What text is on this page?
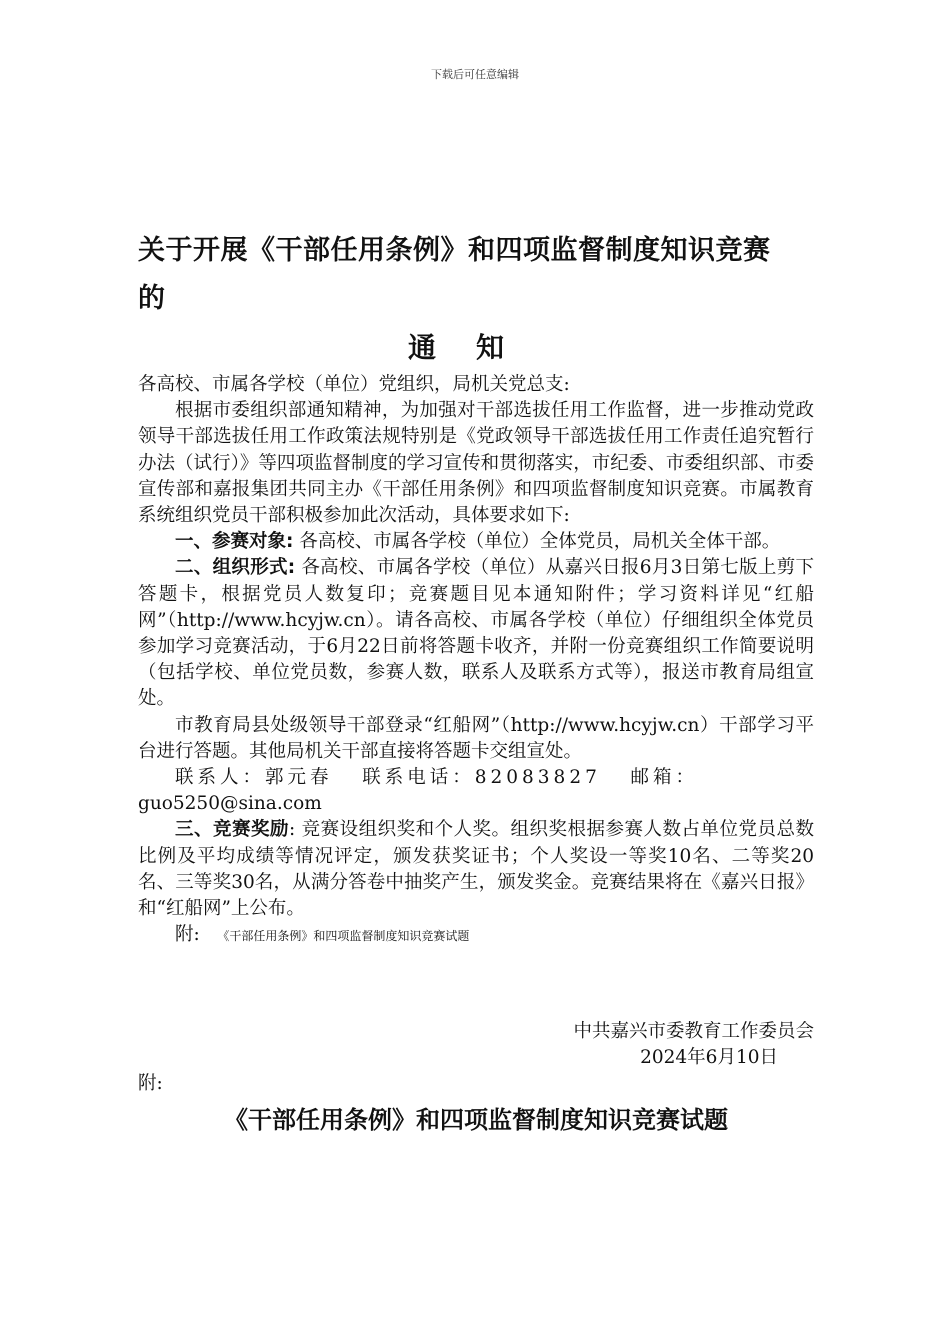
下载后可任意编辑
关于开展《干部任用条例》和四项监督制度知识竞赛
的
通知

各高校、市属各学校（单位）党组织，局机关党总支:

根据市委组织部通知精神，为加强对干部选拔任用工作监督，进一步推动党政领导干部选拔任用工作政策法规特别是《党政领导干部选拔任用工作责任追究暂行办法（试行）》等四项监督制度的学习宣传和贯彻落实，市纪委、市委组织部、市委宣传部和嘉报集团共同主办《干部任用条例》和四项监督制度知识竞赛。市属教育系统组织党员干部积极参加此次活动，具体要求如下:

一、参赛对象: 各高校、市属各学校（单位）全体党员，局机关全体干部。

二、组织形式: 各高校、市属各学校（单位）从嘉兴日报6月3日第七版上剪下答题卡，根据党员人数复印；竞赛题目见本通知附件；学习资料详见“红船网”（http://www.hcyjw.cn）。请各高校、市属各学校（单位）仔细组织全体党员参加学习竞赛活动，于6月22日前将答题卡收齐，并附一份竞赛组织工作简要说明（包括学校、单位党员数，参赛人数，联系人及联系方式等），报送市教育局组宣处。

市教育局县处级领导干部登录“红船网”（http://www.hcyjw.cn）干部学习平台进行答题。其他局机关干部直接将答题卡交组宣处。

联系人：郭元春 联系电话：82083827 邮箱：

guo5250@sina.com

三、竞赛奖励: 竞赛设组织奖和个人奖。组织奖根据参赛人数占单位党员总数比例及平均成绩等情况评定，颁发获奖证书；个人奖设一等奖10名、二等奖20名、三等奖30名，从满分答卷中抽奖产生，颁发奖金。竞赛结果将在《嘉兴日报》和“红船网”上公布。

附: 《干部任用条例》和四项监督制度知识竞赛试题

中共嘉兴市委教育工作委员会
2024年6月10日
附:
《干部任用条例》和四项监督制度知识竞赛试题
